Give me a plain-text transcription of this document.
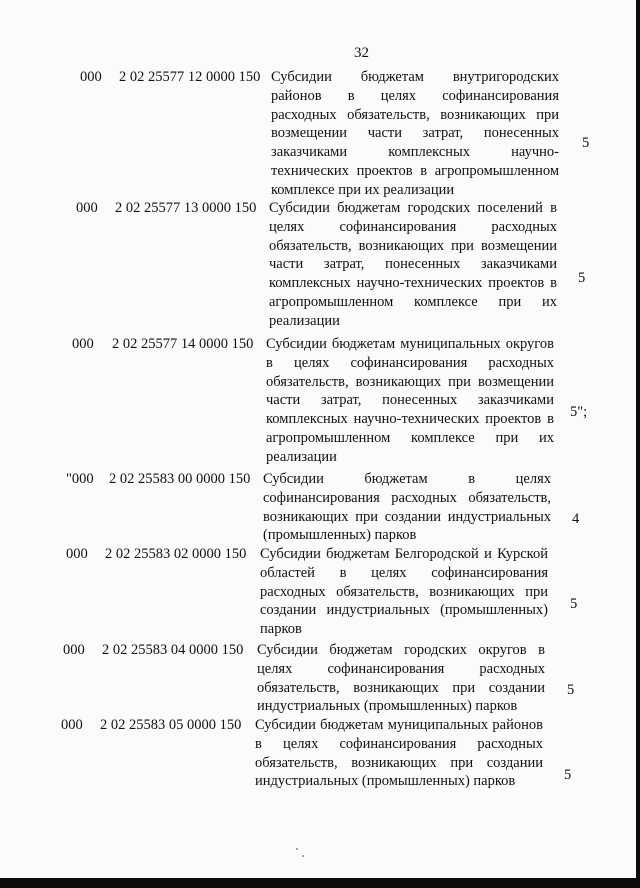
32
000 2 02 25577 12 0000 150 Субсидии бюджетам внутригородских районов в целях софинансирования расходных обязательств, возникающих при возмещении части затрат, понесенных заказчиками комплексных научно-технических проектов в агропромышленном комплексе при их реализации
5
000 2 02 25577 13 0000 150 Субсидии бюджетам городских поселений в целях софинансирования расходных обязательств, возникающих при возмещении части затрат, понесенных заказчиками комплексных научно-технических проектов в агропромышленном комплексе при их реализации
5
000 2 02 25577 14 0000 150 Субсидии бюджетам муниципальных округов в целях софинансирования расходных обязательств, возникающих при возмещении части затрат, понесенных заказчиками комплексных научно-технических проектов в агропромышленном комплексе при их реализации
5";
"000 2 02 25583 00 0000 150 Субсидии бюджетам в целях софинансирования расходных обязательств, возникающих при создании индустриальных (промышленных) парков
4
000 2 02 25583 02 0000 150 Субсидии бюджетам Белгородской и Курской областей в целях софинансирования расходных обязательств, возникающих при создании индустриальных (промышленных) парков
5
000 2 02 25583 04 0000 150 Субсидии бюджетам городских округов в целях софинансирования расходных обязательств, возникающих при создании индустриальных (промышленных) парков
5
000 2 02 25583 05 0000 150 Субсидии бюджетам муниципальных районов в целях софинансирования расходных обязательств, возникающих при создании индустриальных (промышленных) парков	5
